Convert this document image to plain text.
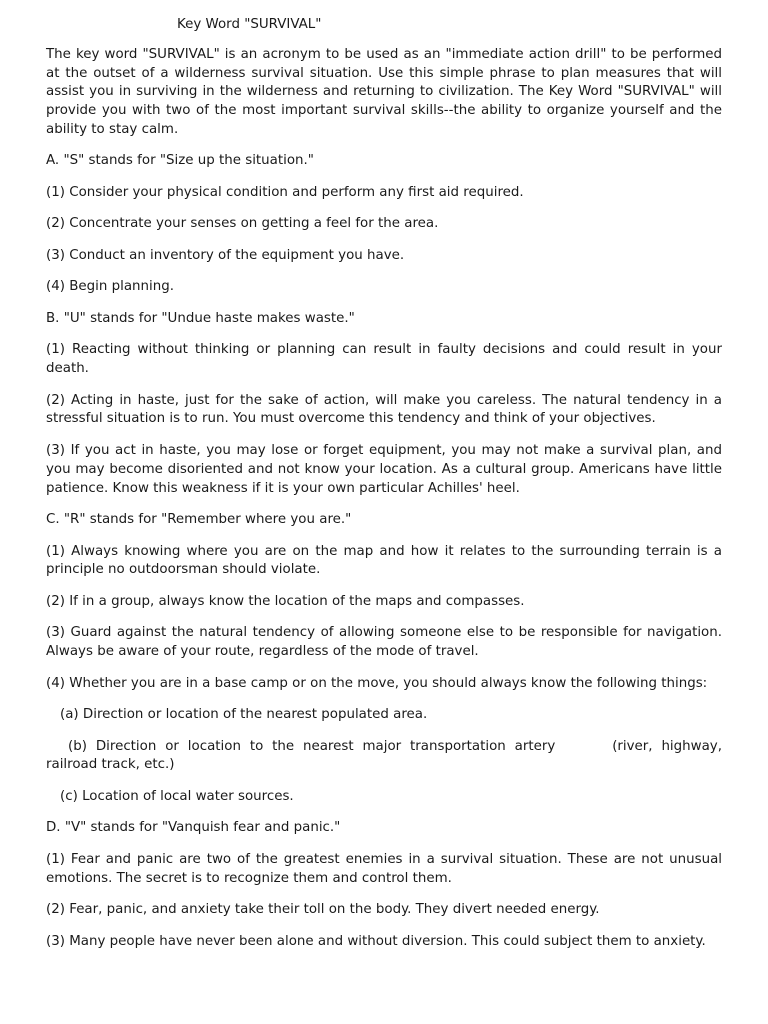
Key Word "SURVIVAL"

The key word "SURVIVAL" is an acronym to be used as an "immediate action drill" to be performed at the outset of a wilderness survival situation. Use this simple phrase to plan measures that will assist you in surviving in the wilderness and returning to civilization. The Key Word "SURVIVAL" will provide you with two of the most important survival skills--the ability to organize yourself and the ability to stay calm.

A. "S" stands for "Size up the situation."

(1) Consider your physical condition and perform any first aid required.

(2) Concentrate your senses on getting a feel for the area.

(3) Conduct an inventory of the equipment you have.

(4) Begin planning.

B. "U" stands for "Undue haste makes waste."

(1) Reacting without thinking or planning can result in faulty decisions and could result in your death.

(2) Acting in haste, just for the sake of action, will make you careless. The natural tendency in a stressful situation is to run. You must overcome this tendency and think of your objectives.

(3) If you act in haste, you may lose or forget equipment, you may not make a survival plan, and you may become disoriented and not know your location. As a cultural group. Americans have little patience. Know this weakness if it is your own particular Achilles' heel.

C. "R" stands for "Remember where you are."

(1) Always knowing where you are on the map and how it relates to the surrounding terrain is a principle no outdoorsman should violate.

(2) If in a group, always know the location of the maps and compasses.

(3) Guard against the natural tendency of allowing someone else to be responsible for navigation. Always be aware of your route, regardless of the mode of travel.

(4) Whether you are in a base camp or on the move, you should always know the following things:

(a) Direction or location of the nearest populated area.

(b) Direction or location to the nearest major transportation artery	(river, highway, railroad track, etc.)

(c) Location of local water sources.

D. "V" stands for "Vanquish fear and panic."

(1) Fear and panic are two of the greatest enemies in a survival situation. These are not unusual emotions. The secret is to recognize them and control them.

(2) Fear, panic, and anxiety take their toll on the body. They divert needed energy.

(3) Many people have never been alone and without diversion. This could subject them to anxiety.
